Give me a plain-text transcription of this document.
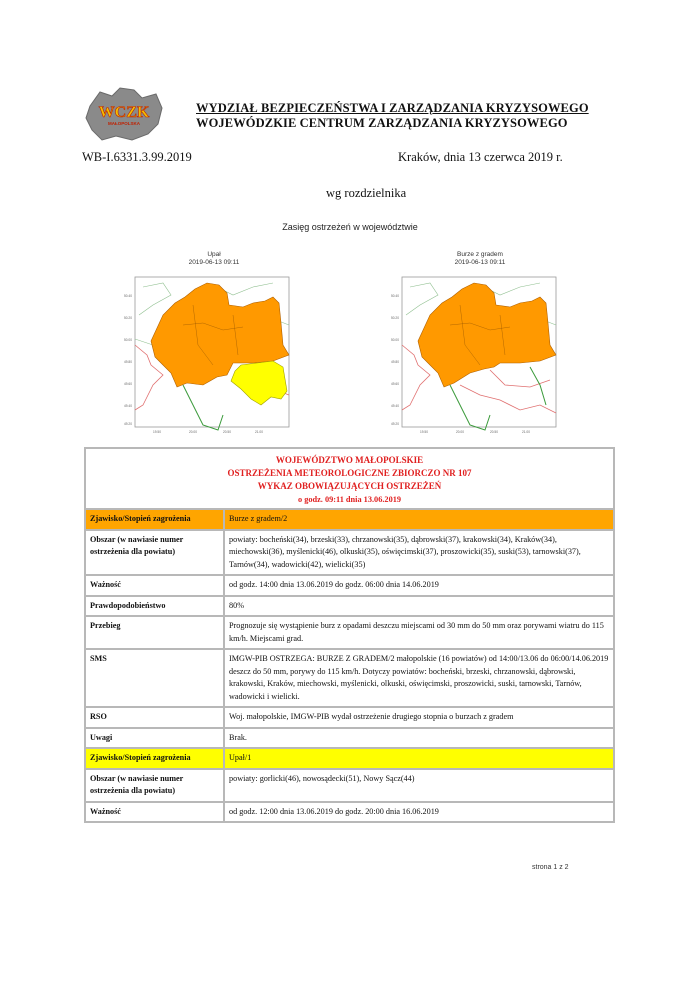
WCZK
MAŁOPOLSKA
WYDZIAŁ BEZPIECZEŃSTWA I ZARZĄDZANIA KRYZYSOWEGO
WOJEWÓDZKIE CENTRUM ZARZĄDZANIA KRYZYSOWEGO
WB-I.6331.3.99.2019	Kraków, dnia 13 czerwca 2019 r.
wg rozdzielnika
Zasięg ostrzeżeń w województwie
Upał
2019-06-13 09:11
Burze z gradem
2019-06-13 09:11
50.40
50.20
50.00
49.80
49.60
49.40
49.20
19.50	20.00	20.50	21.00
50.40
50.20
50.00
49.80
49.60
49.40
49.20
19.50	20.00	20.50	21.00
WOJEWÓDZTWO MAŁOPOLSKIE
OSTRZEŻENIA METEOROLOGICZNE ZBIORCZO NR 107
WYKAZ OBOWIĄZUJĄCYCH OSTRZEŻEŃ
o godz. 09:11 dnia 13.06.2019	

Zjawisko/Stopień zagrożenia	Burze z gradem/2
Obszar (w nawiasie numer ostrzeżenia dla powiatu)	powiaty: bocheński(34), brzeski(33), chrzanowski(35), dąbrowski(37), krakowski(34), Kraków(34), miechowski(36), myślenicki(46), olkuski(35), oświęcimski(37), proszowicki(35), suski(53), tarnowski(37), Tarnów(34), wadowicki(42), wielicki(35)
Ważność	od godz. 14:00 dnia 13.06.2019 do godz. 06:00 dnia 14.06.2019
Prawdopodobieństwo	80%
Przebieg	Prognozuje się wystąpienie burz z opadami deszczu miejscami od 30 mm do 50 mm oraz porywami wiatru do 115 km/h. Miejscami grad.
SMS	IMGW-PIB OSTRZEGA: BURZE Z GRADEM/2 małopolskie (16 powiatów) od 14:00/13.06 do 06:00/14.06.2019 deszcz do 50 mm, porywy do 115 km/h. Dotyczy powiatów: bocheński, brzeski, chrzanowski, dąbrowski, krakowski, Kraków, miechowski, myślenicki, olkuski, oświęcimski, proszowicki, suski, tarnowski, Tarnów, wadowicki i wielicki.
RSO	Woj. małopolskie, IMGW-PIB wydał ostrzeżenie drugiego stopnia o burzach z gradem
Uwagi	Brak.
Zjawisko/Stopień zagrożenia	Upał/1
Obszar (w nawiasie numer ostrzeżenia dla powiatu)	powiaty: gorlicki(46), nowosądecki(51), Nowy Sącz(44)
Ważność	od godz. 12:00 dnia 13.06.2019 do godz. 20:00 dnia 16.06.2019
strona 1 z 2
